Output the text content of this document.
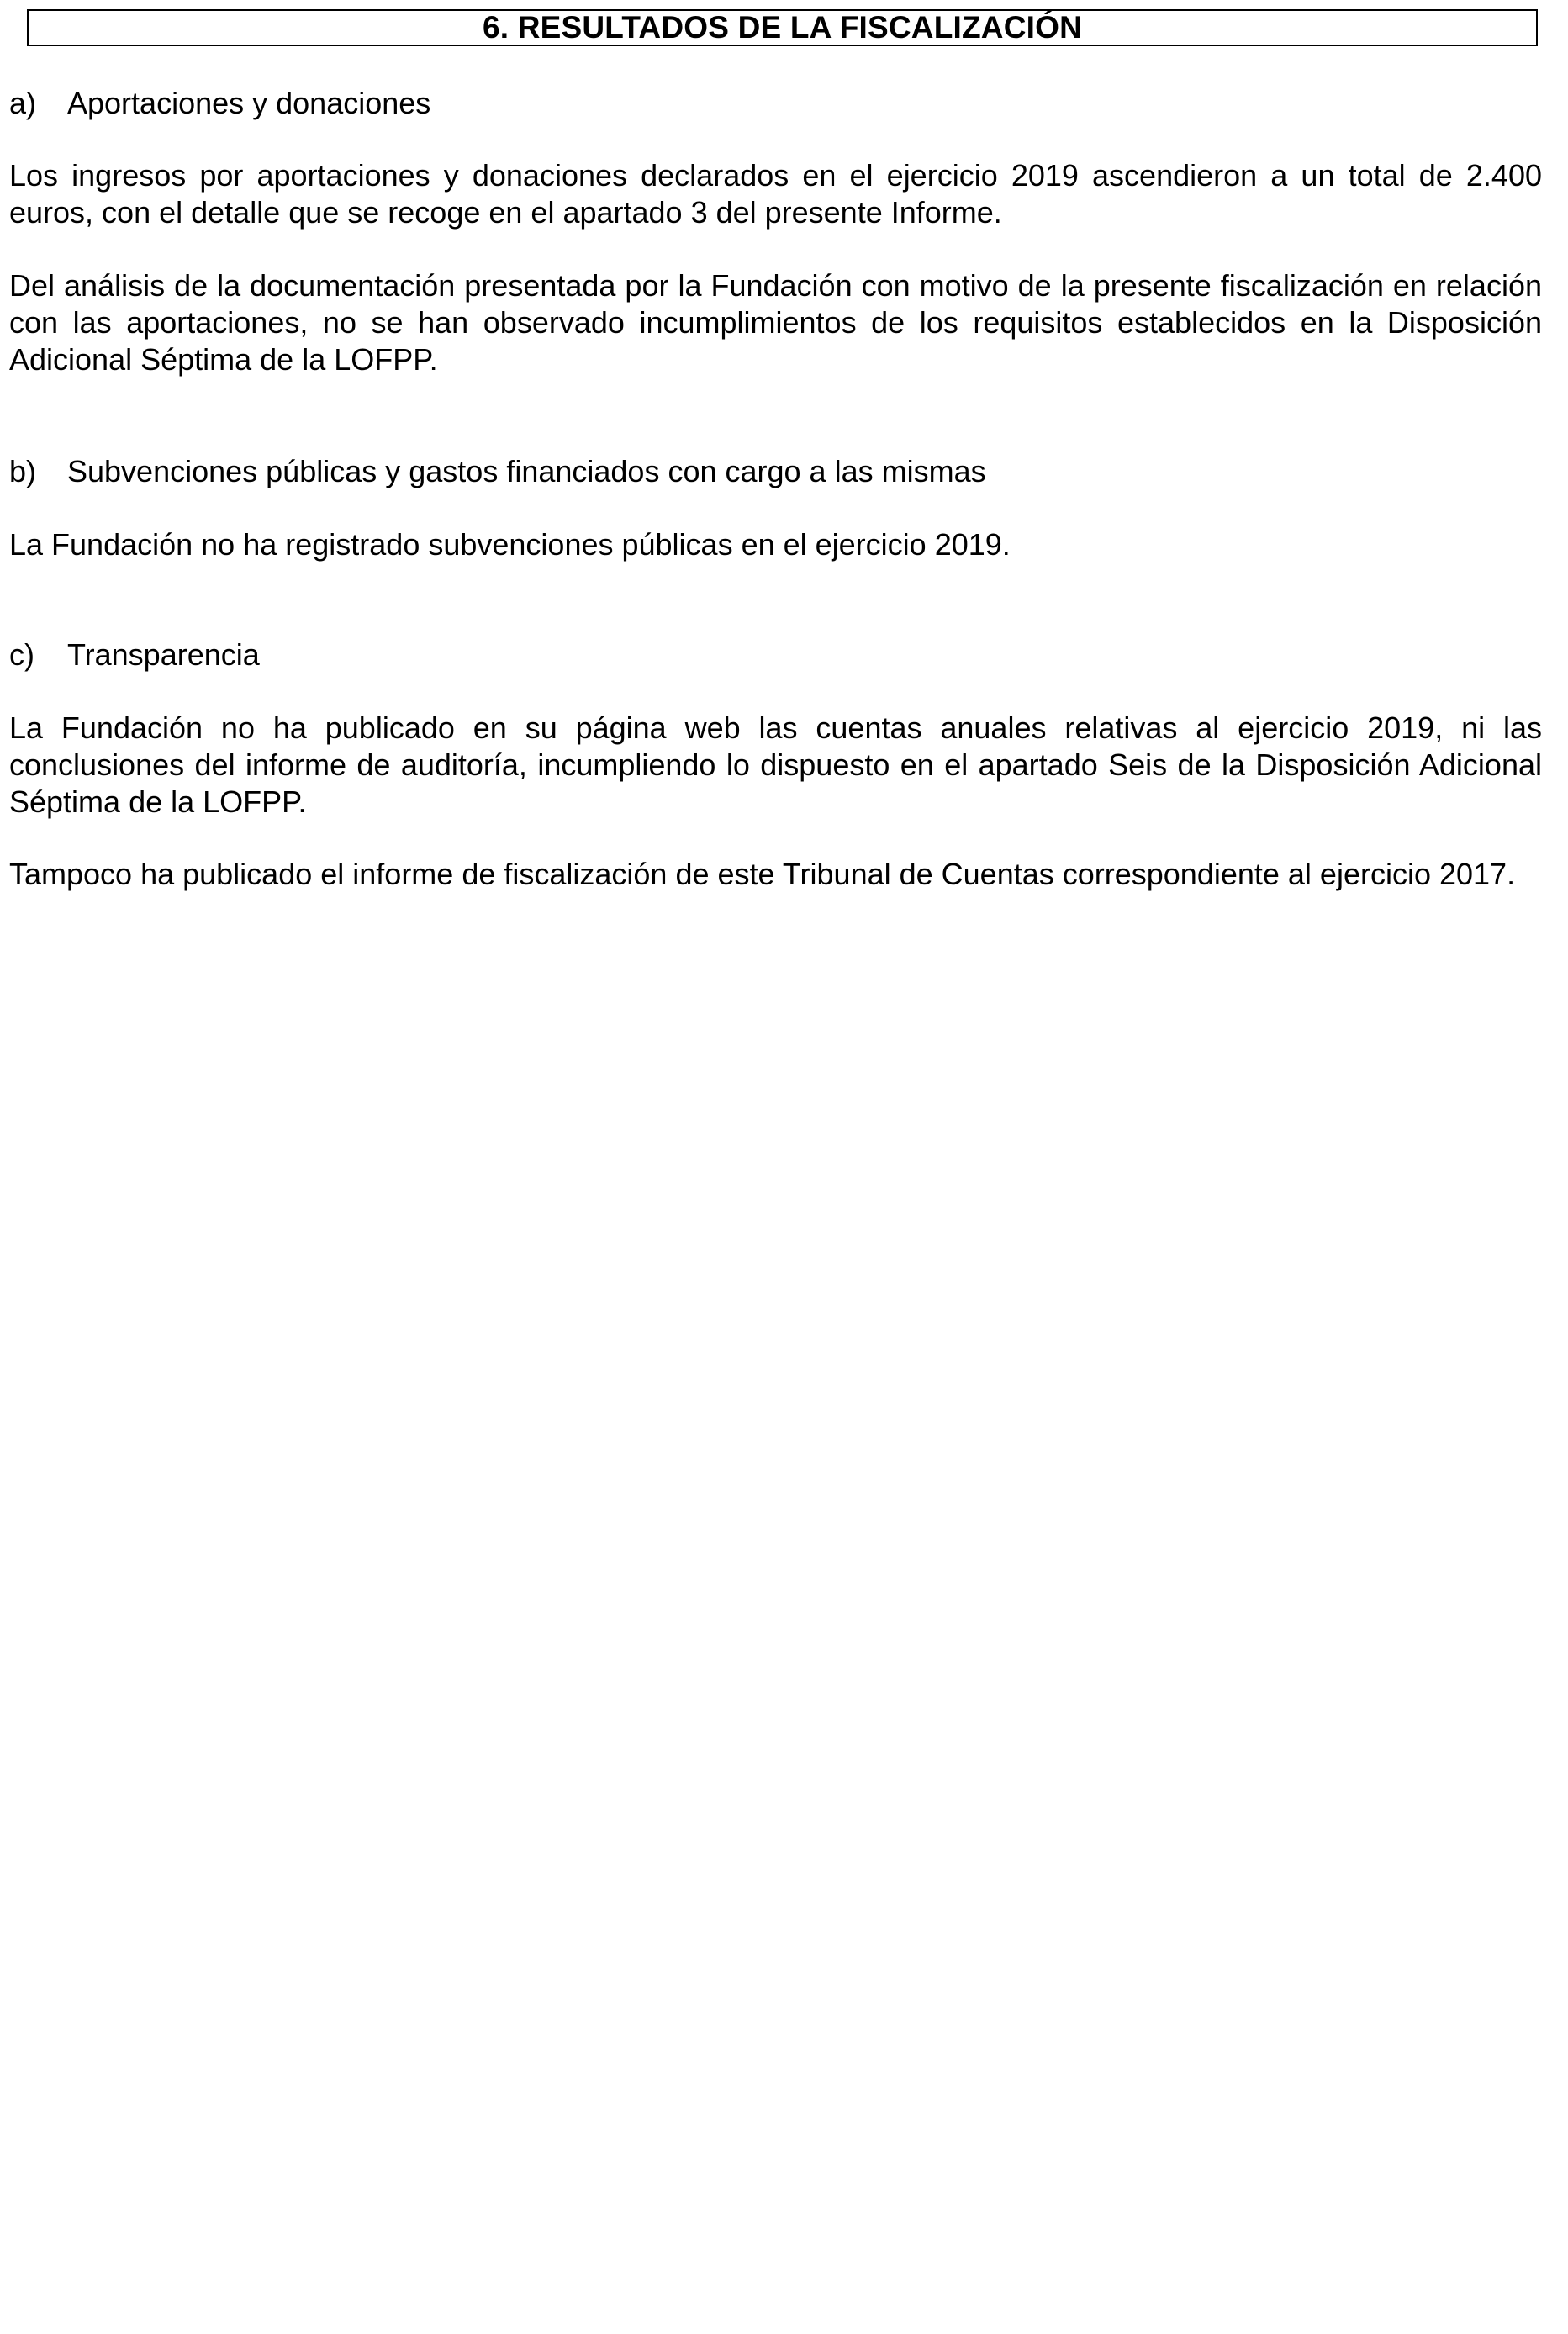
6. RESULTADOS DE LA FISCALIZACIÓN
a) Aportaciones y donaciones

Los ingresos por aportaciones y donaciones declarados en el ejercicio 2019 ascendieron a un total de 2.400 euros, con el detalle que se recoge en el apartado 3 del presente Informe.

Del análisis de la documentación presentada por la Fundación con motivo de la presente fiscalización en relación con las aportaciones, no se han observado incumplimientos de los requisitos establecidos en la Disposición Adicional Séptima de la LOFPP.

b) Subvenciones públicas y gastos financiados con cargo a las mismas

La Fundación no ha registrado subvenciones públicas en el ejercicio 2019.

c) Transparencia

La Fundación no ha publicado en su página web las cuentas anuales relativas al ejercicio 2019, ni las conclusiones del informe de auditoría, incumpliendo lo dispuesto en el apartado Seis de la Disposición Adicional Séptima de la LOFPP.

Tampoco ha publicado el informe de fiscalización de este Tribunal de Cuentas correspondiente al ejercicio 2017.
